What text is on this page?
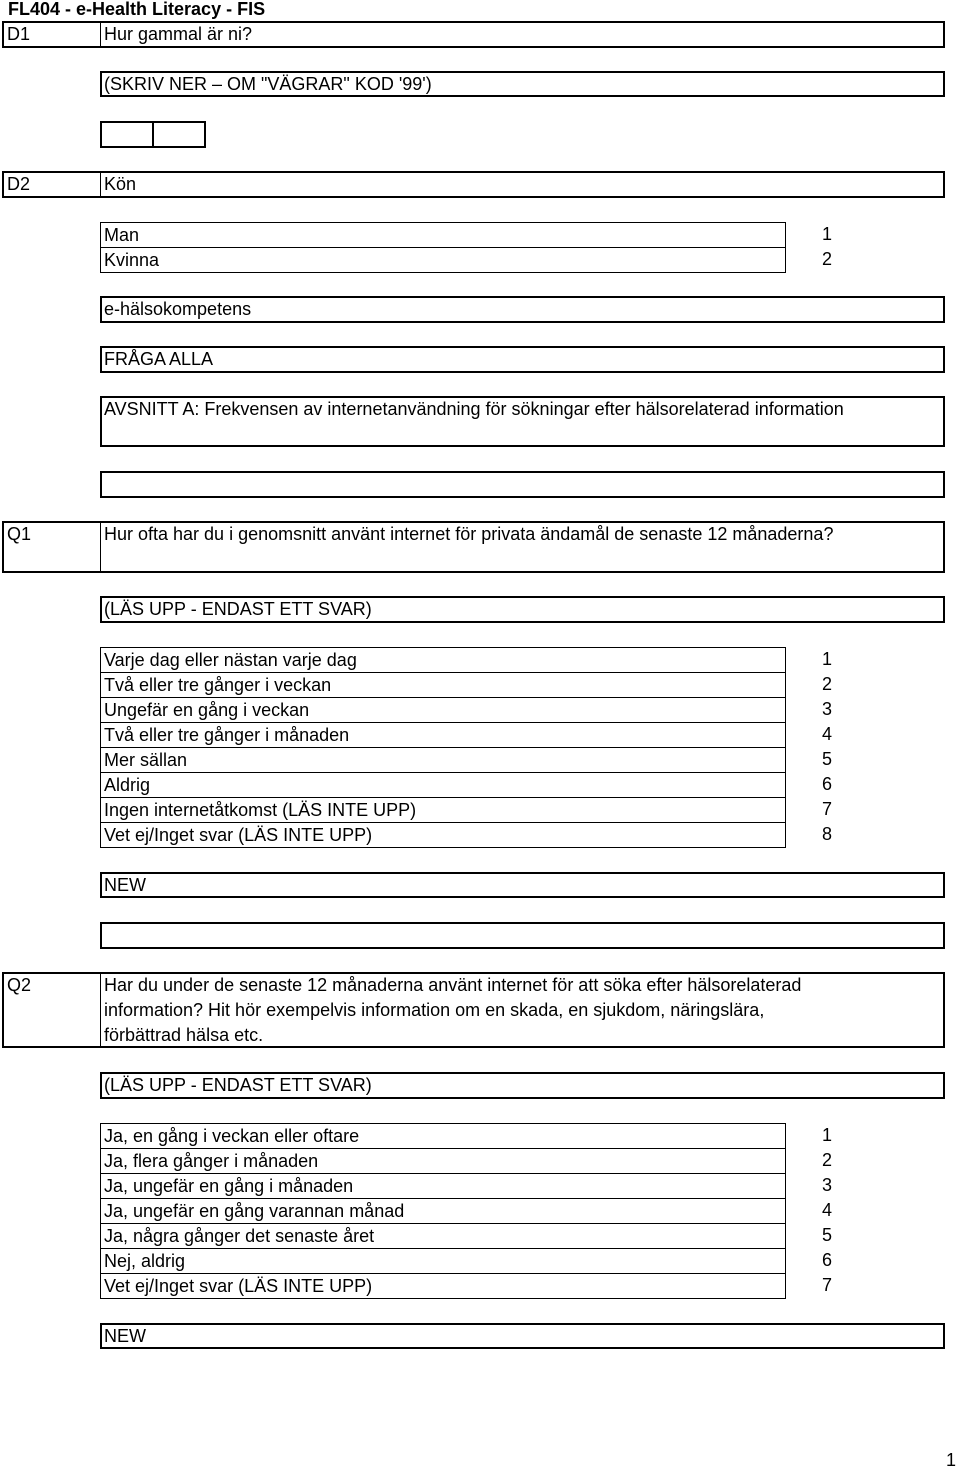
FL404 - e-Health Literacy - FIS
D1	Hur gammal är ni?
(SKRIV NER – OM "VÄGRAR" KOD '99')
D2	Kön
Man	1
Kvinna	2
e-hälsokompetens
FRÅGA ALLA
AVSNITT A: Frekvensen av internetanvändning för sökningar efter hälsorelaterad information
Q1	Hur ofta har du i genomsnitt använt internet för privata ändamål de senaste 12 månaderna?
(LÄS UPP - ENDAST ETT SVAR)
Varje dag eller nästan varje dag	1
Två eller tre gånger i veckan	2
Ungefär en gång i veckan	3
Två eller tre gånger i månaden	4
Mer sällan	5
Aldrig	6
Ingen internetåtkomst (LÄS INTE UPP)	7
Vet ej/Inget svar (LÄS INTE UPP)	8
NEW
Q2	Har du under de senaste 12 månaderna använt internet för att söka efter hälsorelaterad
information? Hit hör exempelvis information om en skada, en sjukdom, näringslära,
förbättrad hälsa etc.
(LÄS UPP - ENDAST ETT SVAR)
Ja, en gång i veckan eller oftare	1
Ja, flera gånger i månaden	2
Ja, ungefär en gång i månaden	3
Ja, ungefär en gång varannan månad	4
Ja, några gånger det senaste året	5
Nej, aldrig	6
Vet ej/Inget svar (LÄS INTE UPP)	7
NEW
1
